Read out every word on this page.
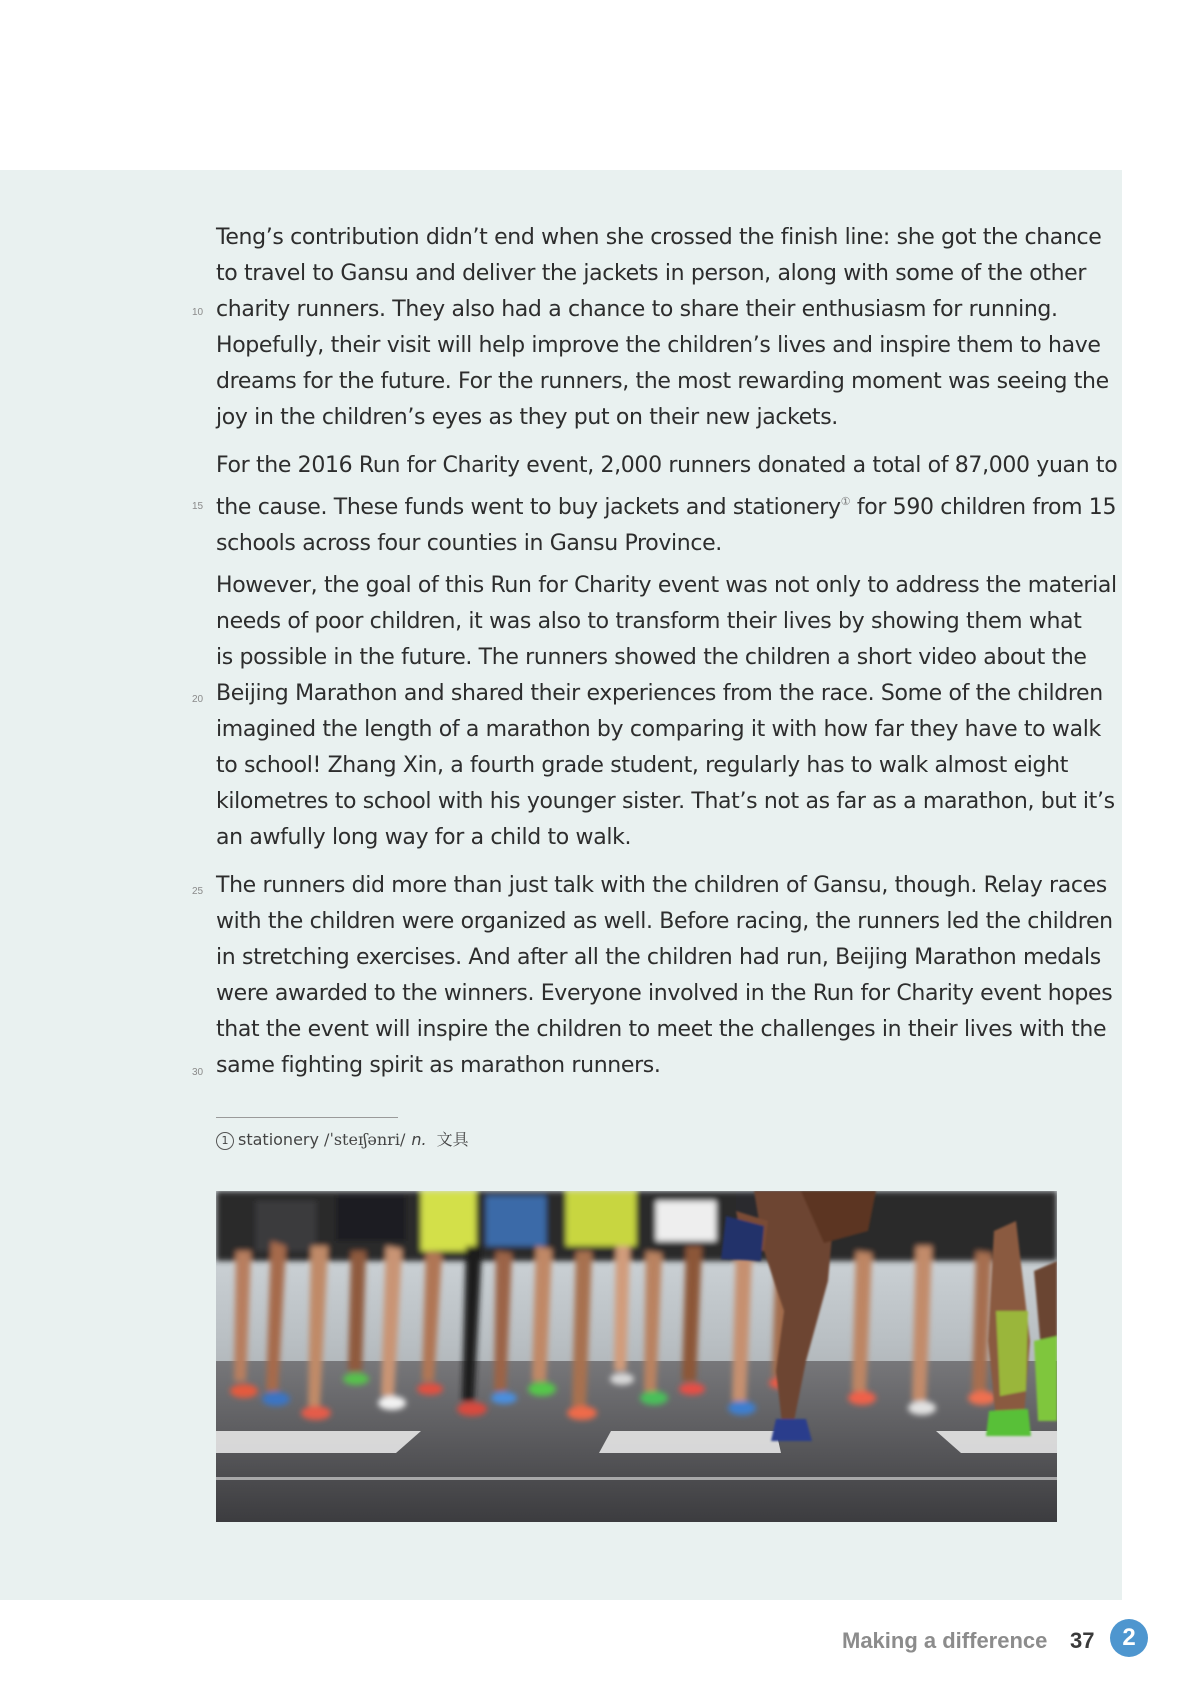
Teng’s contribution didn’t end when she crossed the finish line: she got the chance
to travel to Gansu and deliver the jackets in person, along with some of the other
charity runners. They also had a chance to share their enthusiasm for running.
Hopefully, their visit will help improve the children’s lives and inspire them to have
dreams for the future. For the runners, the most rewarding moment was seeing the
joy in the children’s eyes as they put on their new jackets.

For the 2016 Run for Charity event, 2,000 runners donated a total of 87,000 yuan to
the cause. These funds went to buy jackets and stationery① for 590 children from 15
schools across four counties in Gansu Province.

However, the goal of this Run for Charity event was not only to address the material
needs of poor children, it was also to transform their lives by showing them what
is possible in the future. The runners showed the children a short video about the
Beijing Marathon and shared their experiences from the race. Some of the children
imagined the length of a marathon by comparing it with how far they have to walk
to school! Zhang Xin, a fourth grade student, regularly has to walk almost eight
kilometres to school with his younger sister. That’s not as far as a marathon, but it’s
an awfully long way for a child to walk.

The runners did more than just talk with the children of Gansu, though. Relay races
with the children were organized as well. Before racing, the runners led the children
in stretching exercises. And after all the children had run, Beijing Marathon medals
were awarded to the winners. Everyone involved in the Run for Charity event hopes
that the event will inspire the children to meet the challenges in their lives with the
same fighting spirit as marathon runners.

10
15
20
25
30
1 stationery /ˈsteɪʃənri/ n. 文具
Making a difference 37	2
